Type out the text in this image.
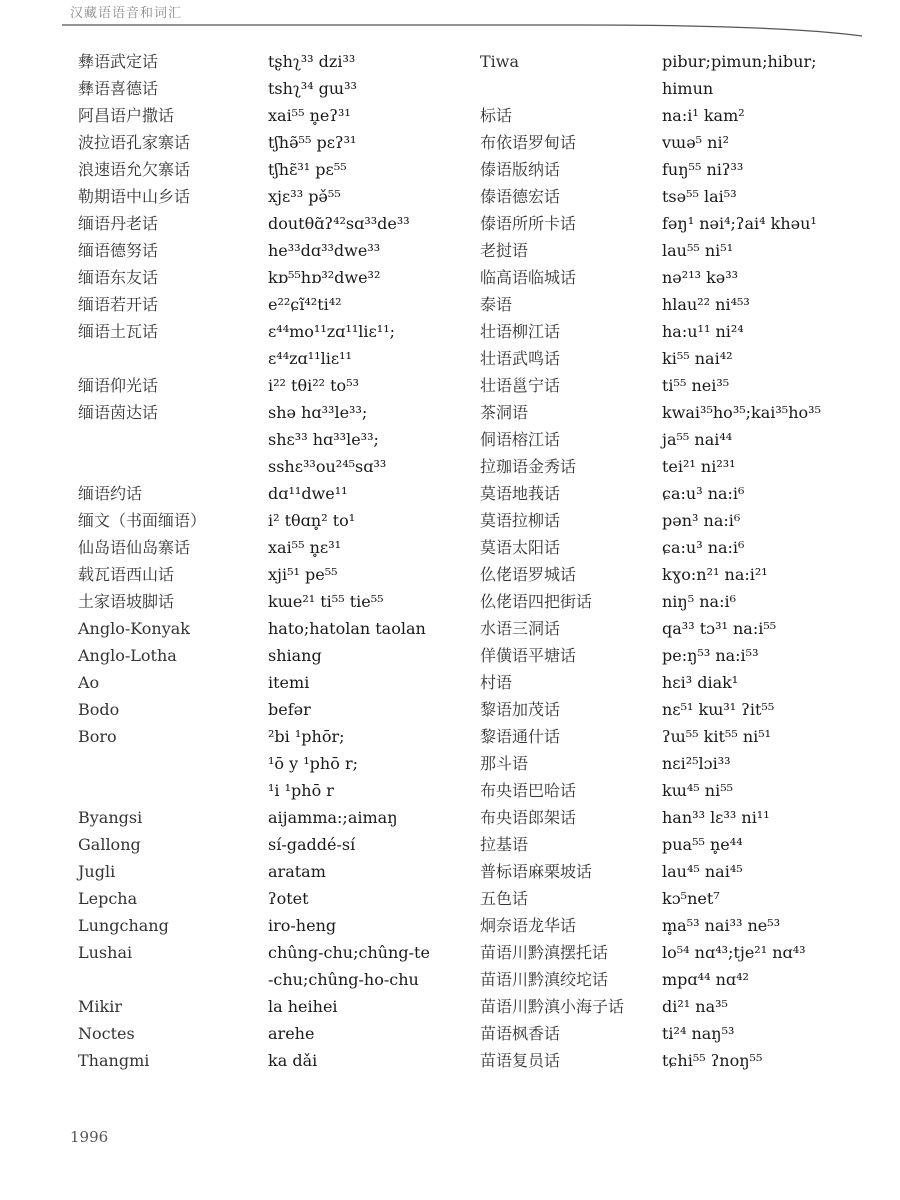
汉藏语语音和词汇
彝语武定话
彝语喜德话
阿昌语户撒话
波拉语孔家寨话
浪速语允欠寨话
勒期语中山乡话
缅语丹老话
缅语德努话
缅语东友话
缅语若开话
缅语土瓦话
缅语仰光话
缅语茵达话
缅语约话
缅文（书面缅语）
仙岛语仙岛寨话
载瓦语西山话
土家语坡脚话
Anglo-Konyak
Anglo-Lotha
Ao
Bodo
Boro
Byangsi
Gallong
Jugli
Lepcha
Lungchang
Lushai
Mikir
Noctes
Thangmi
tʂhʅ³³ dzi³³
tshʅ³⁴ gɯ³³
xai⁵⁵ n̥eʔ³¹
tʃhə̃⁵⁵ pɛʔ³¹
tʃhɛ̃³¹ pɛ⁵⁵
xjɛ³³ pə̌⁵⁵
doutθɑ̃ʔ⁴²sɑ³³de³³
he³³dɑ³³dwe³³
kɒ⁵⁵hɒ³²dwe³²
e²²ɕĩ⁴²ti⁴²
ɛ⁴⁴mo¹¹zɑ¹¹liɛ¹¹;
ɛ⁴⁴zɑ¹¹liɛ¹¹
i²² tθi²² to⁵³
shə hɑ³³le³³;
shɛ³³ hɑ³³le³³;
sshɛ³³ou²⁴⁵sɑ³³
dɑ¹¹dwe¹¹
i² tθɑn̥² to¹
xai⁵⁵ n̥ɛ³¹
xji⁵¹ pe⁵⁵
kɯe²¹ ti⁵⁵ tie⁵⁵
hato;hatolan taolan
shiang
itemi
befər
²bi ¹phōr;
¹ō y ¹phō r;
¹i ¹phō r
aijamma:;aimaŋ
sí-gaddé-sí
aratam
ʔotet
iro-heng
chûng-chu;chûng-te
-chu;chûng-ho-chu
la heihei
arehe
ka dǎi
Tiwa
标话
布依语罗甸话
傣语版纳话
傣语德宏话
傣语所所卡话
老挝语
临高语临城话
泰语
壮语柳江话
壮语武鸣话
壮语邕宁话
茶洞语
侗语榕江话
拉珈语金秀话
莫语地莪话
莫语拉柳话
莫语太阳话
仫佬语罗城话
仫佬语四把街话
水语三洞话
佯僙语平塘话
村语
黎语加茂话
黎语通什话
那斗语
布央语巴哈话
布央语郎架话
拉基语
普标语麻栗坡话
五色话
炯奈语龙华话
苗语川黔滇摆托话
苗语川黔滇绞坨话
苗语川黔滇小海子话
苗语枫香话
苗语复员话
pibur;pimun;hibur;
himun
na:i¹ kam²
vɯə⁵ ni²
fuŋ⁵⁵ niʔ³³
tsə⁵⁵ lai⁵³
fəŋ¹ nəi⁴;ʔai⁴ khəu¹
lau⁵⁵ ni⁵¹
nə²¹³ kə³³
hlau²² ni⁴⁵³
ha:u¹¹ ni²⁴
ki⁵⁵ nai⁴²
ti⁵⁵ nei³⁵
kwai³⁵ho³⁵;kai³⁵ho³⁵
ja⁵⁵ nai⁴⁴
tei²¹ ni²³¹
ɕa:u³ na:i⁶
pən³ na:i⁶
ɕa:u³ na:i⁶
kɣo:n²¹ na:i²¹
niŋ⁵ na:i⁶
qa³³ tɔ³¹ na:i⁵⁵
pe:ŋ⁵³ na:i⁵³
hɛi³ diak¹
nɛ⁵¹ kɯ³¹ ʔit⁵⁵
ʔɯ⁵⁵ kit⁵⁵ ni⁵¹
nɛi²⁵lɔi³³
kɯ⁴⁵ ni⁵⁵
han³³ lɛ³³ ni¹¹
pua⁵⁵ n̥e⁴⁴
lau⁴⁵ nai⁴⁵
kɔ⁵net⁷
m̥a⁵³ nai³³ ne⁵³
lo⁵⁴ nɑ⁴³;tje²¹ nɑ⁴³
mpɑ⁴⁴ nɑ⁴²
di²¹ na³⁵
ti²⁴ naŋ⁵³
tɕhi⁵⁵ ʔnoŋ⁵⁵
1996
